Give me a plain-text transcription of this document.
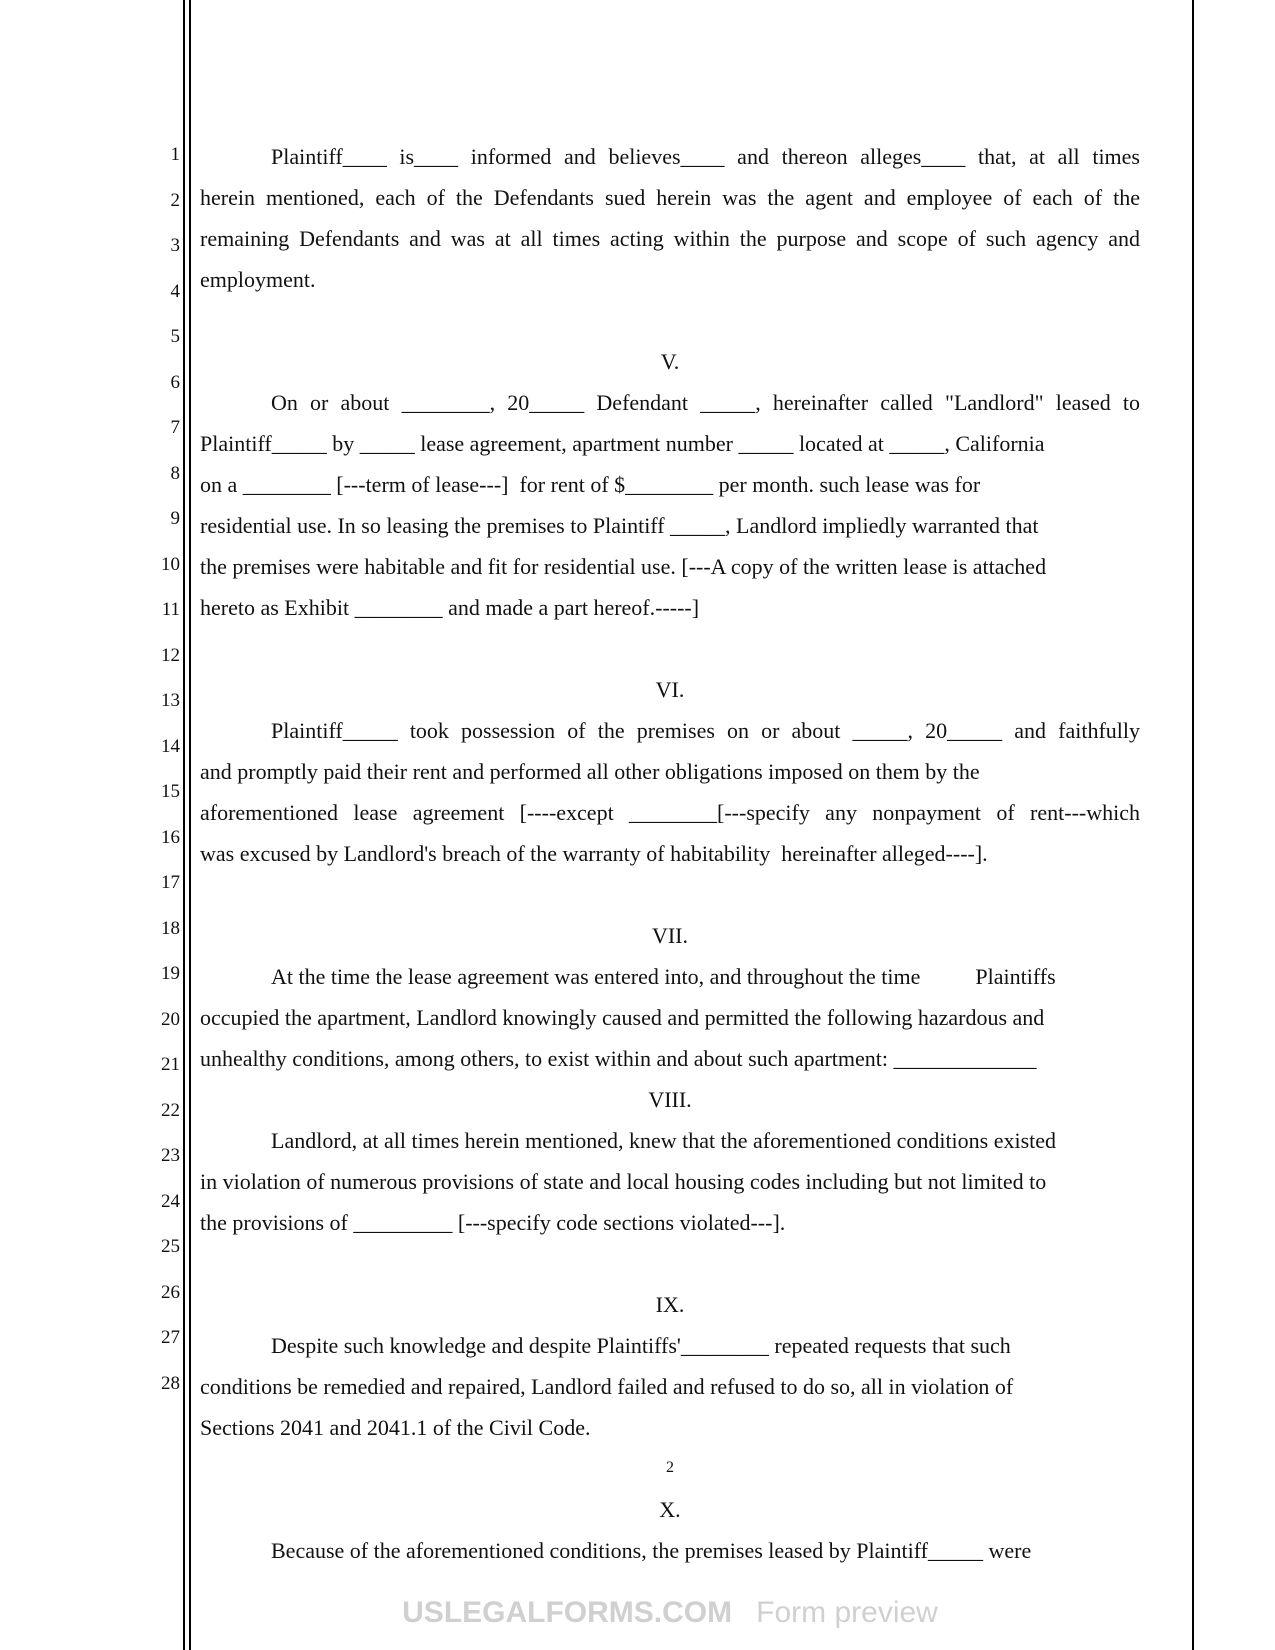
1
2
3
4
5
6
7
8
9
10
11
12
13
14
15
16
17
18
19
20
21
22
23
24
25
26
27
28
Plaintiff____ is____ informed and believes____ and thereon alleges____ that, at all times
herein mentioned, each of the Defendants sued herein was the agent and employee of each of the
remaining Defendants and was at all times acting within the purpose and scope of such agency and
employment.
V.
On or about ________, 20_____ Defendant _____, hereinafter called "Landlord" leased to
Plaintiff_____ by _____ lease agreement, apartment number _____ located at _____, California
on a ________ [---term of lease---]  for rent of $________ per month. such lease was for
residential use. In so leasing the premises to Plaintiff _____, Landlord impliedly warranted that
the premises were habitable and fit for residential use. [---A copy of the written lease is attached
hereto as Exhibit ________ and made a part hereof.-----]
VI.
Plaintiff_____ took possession of the premises on or about _____, 20_____ and faithfully
and promptly paid their rent and performed all other obligations imposed on them by the
aforementioned lease agreement [----except ________[---specify any nonpayment of rent---which
was excused by Landlord's breach of the warranty of habitability  hereinafter alleged----].
VII.
At the time the lease agreement was entered into, and throughout the time          Plaintiffs
occupied the apartment, Landlord knowingly caused and permitted the following hazardous and
unhealthy conditions, among others, to exist within and about such apartment: _____________
VIII.
Landlord, at all times herein mentioned, knew that the aforementioned conditions existed
in violation of numerous provisions of state and local housing codes including but not limited to
the provisions of _________ [---specify code sections violated---].
IX.
Despite such knowledge and despite Plaintiffs'________ repeated requests that such
conditions be remedied and repaired, Landlord failed and refused to do so, all in violation of
Sections 2041 and 2041.1 of the Civil Code.
X.
Because of the aforementioned conditions, the premises leased by Plaintiff_____ were
2
USLEGALFORMS.COM Form preview
